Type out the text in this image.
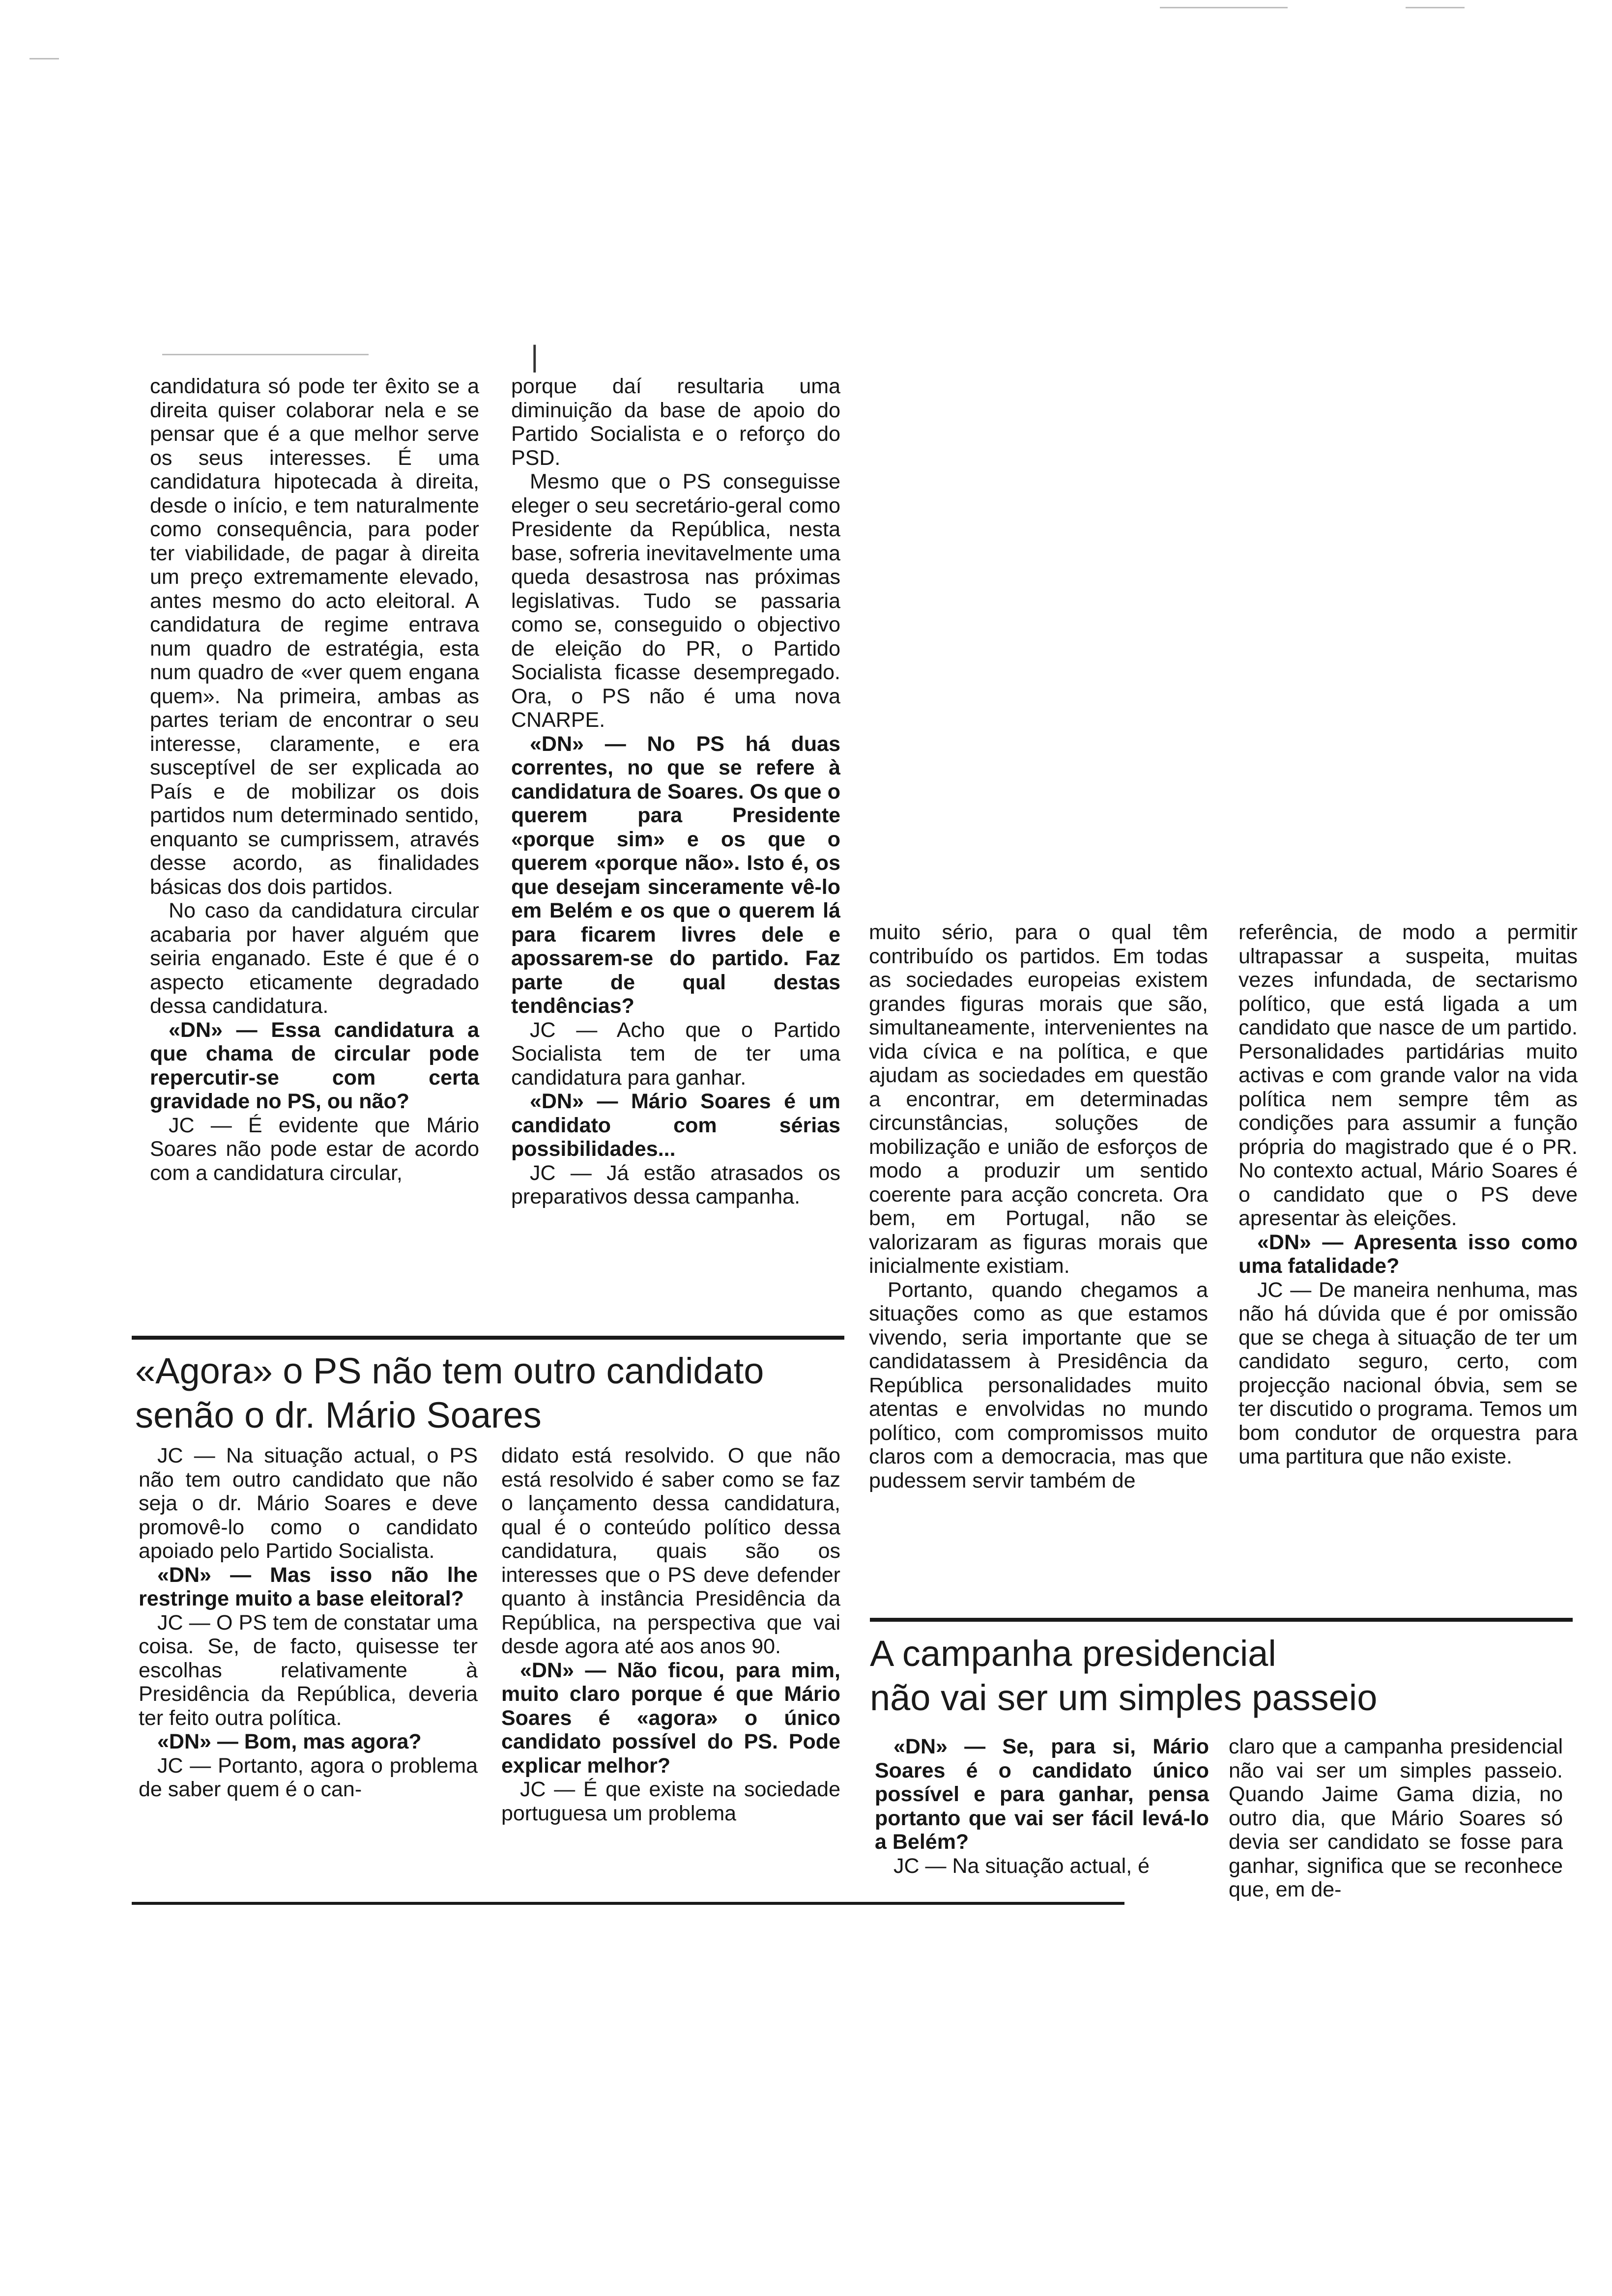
|

candidatura só pode ter êxito se a direita quiser colaborar nela e se pensar que é a que melhor serve os seus interesses. É uma candidatura hipotecada à direita, desde o início, e tem naturalmente como consequência, para poder ter viabilidade, de pagar à direita um preço extremamente elevado, antes mesmo do acto eleitoral. A candidatura de regime entrava num quadro de estratégia, esta num quadro de «ver quem engana quem». Na primeira, ambas as partes teriam de encontrar o seu interesse, claramente, e era susceptível de ser explicada ao País e de mobilizar os dois partidos num determinado sentido, enquanto se cumprissem, através desse acordo, as finalidades básicas dos dois partidos.

No caso da candidatura circular acabaria por haver alguém que seiria enganado. Este é que é o aspecto eticamente degradado dessa candidatura.

«DN» — Essa candidatura a que chama de circular pode repercutir-se com certa gravidade no PS, ou não?

JC — É evidente que Mário Soares não pode estar de acordo com a candidatura circular,

porque daí resultaria uma diminuição da base de apoio do Partido Socialista e o reforço do PSD.

Mesmo que o PS conseguisse eleger o seu secretário-geral como Presidente da República, nesta base, sofreria inevitavelmente uma queda desastrosa nas próximas legislativas. Tudo se passaria como se, conseguido o objectivo de eleição do PR, o Partido Socialista ficasse desempregado. Ora, o PS não é uma nova CNARPE.

«DN» — No PS há duas correntes, no que se refere à candidatura de Soares. Os que o querem para Presidente «porque sim» e os que o querem «porque não». Isto é, os que desejam sinceramente vê-lo em Belém e os que o querem lá para ficarem livres dele e apossarem-se do partido. Faz parte de qual destas tendências?

JC — Acho que o Partido Socialista tem de ter uma candidatura para ganhar.

«DN» — Mário Soares é um candidato com sérias possibilidades...

JC — Já estão atrasados os preparativos dessa campanha.

muito sério, para o qual têm contribuído os partidos. Em todas as sociedades europeias existem grandes figuras morais que são, simultaneamente, intervenientes na vida cívica e na política, e que ajudam as sociedades em questão a encontrar, em determinadas circunstâncias, soluções de mobilização e união de esforços de modo a produzir um sentido coerente para acção concreta. Ora bem, em Portugal, não se valorizaram as figuras morais que inicialmente existiam.

Portanto, quando chegamos a situações como as que estamos vivendo, seria importante que se candidatassem à Presidência da República personalidades muito atentas e envolvidas no mundo político, com compromissos muito claros com a democracia, mas que pudessem servir também de

referência, de modo a permitir ultrapassar a suspeita, muitas vezes infundada, de sectarismo político, que está ligada a um candidato que nasce de um partido. Personalidades partidárias muito activas e com grande valor na vida política nem sempre têm as condições para assumir a função própria do magistrado que é o PR. No contexto actual, Mário Soares é o candidato que o PS deve apresentar às eleições.

«DN» — Apresenta isso como uma fatalidade?

JC — De maneira nenhuma, mas não há dúvida que é por omissão que se chega à situação de ter um candidato seguro, certo, com projecção nacional óbvia, sem se ter discutido o programa. Temos um bom condutor de orquestra para uma partitura que não existe.

«Agora» o PS não tem outro candidato
senão o dr. Mário Soares

JC — Na situação actual, o PS não tem outro candidato que não seja o dr. Mário Soares e deve promovê-lo como o candidato apoiado pelo Partido Socialista.

«DN» — Mas isso não lhe restringe muito a base eleitoral?

JC — O PS tem de constatar uma coisa. Se, de facto, quisesse ter escolhas relativamente à Presidência da República, deveria ter feito outra política.

«DN» — Bom, mas agora?

JC — Portanto, agora o problema de saber quem é o can-

didato está resolvido. O que não está resolvido é saber como se faz o lançamento dessa candidatura, qual é o conteúdo político dessa candidatura, quais são os interesses que o PS deve defender quanto à instância Presidência da República, na perspectiva que vai desde agora até aos anos 90.

«DN» — Não ficou, para mim, muito claro porque é que Mário Soares é «agora» o único candidato possível do PS. Pode explicar melhor?

JC — É que existe na sociedade portuguesa um problema

A campanha presidencial
não vai ser um simples passeio

«DN» — Se, para si, Mário Soares é o candidato único possível e para ganhar, pensa portanto que vai ser fácil levá-lo a Belém?

JC — Na situação actual, é

claro que a campanha presidencial não vai ser um simples passeio. Quando Jaime Gama dizia, no outro dia, que Mário Soares só devia ser candidato se fosse para ganhar, significa que se reconhece que, em de-
